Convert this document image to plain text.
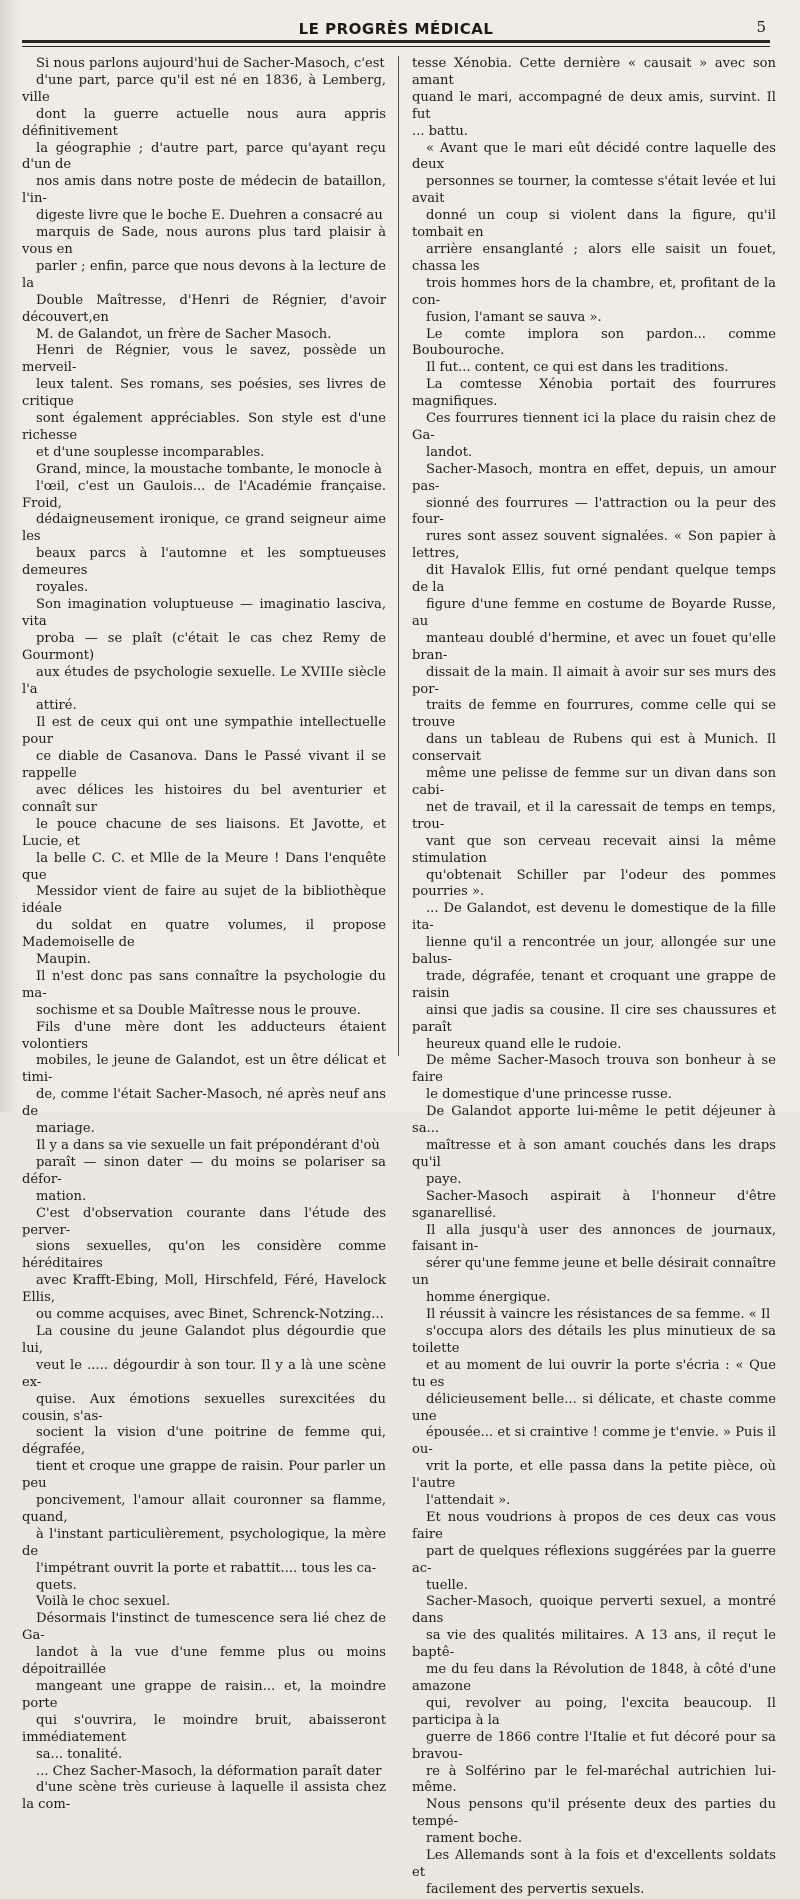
LE PROGRÈS MÉDICAL	5

Si nous parlons aujourd'hui de Sacher-Masoch, c'est
d'une part, parce qu'il est né en 1836, à Lemberg, ville
dont la guerre actuelle nous aura appris définitivement
la géographie ; d'autre part, parce qu'ayant reçu d'un de
nos amis dans notre poste de médecin de bataillon, l'in-
digeste livre que le boche E. Duehren a consacré au
marquis de Sade, nous aurons plus tard plaisir à vous en
parler ; enfin, parce que nous devons à la lecture de la
Double Maîtresse, d'Henri de Régnier, d'avoir découvert,en
M. de Galandot, un frère de Sacher Masoch.

Henri de Régnier, vous le savez, possède un merveil-
leux talent. Ses romans, ses poésies, ses livres de critique
sont également appréciables. Son style est d'une richesse
et d'une souplesse incomparables.

Grand, mince, la moustache tombante, le monocle à
l'œil, c'est un Gaulois... de l'Académie française. Froid,
dédaigneusement ironique, ce grand seigneur aime les
beaux parcs à l'automne et les somptueuses demeures
royales.

Son imagination voluptueuse — imaginatio lasciva, vita
proba — se plaît (c'était le cas chez Remy de Gourmont)
aux études de psychologie sexuelle. Le XVIIIe siècle l'a
attiré.

Il est de ceux qui ont une sympathie intellectuelle pour
ce diable de Casanova. Dans le Passé vivant il se rappelle
avec délices les histoires du bel aventurier et connaît sur
le pouce chacune de ses liaisons. Et Javotte, et Lucie, et
la belle C. C. et Mlle de la Meure ! Dans l'enquête que
Messidor vient de faire au sujet de la bibliothèque idéale
du soldat en quatre volumes, il propose Mademoiselle de
Maupin.

Il n'est donc pas sans connaître la psychologie du ma-
sochisme et sa Double Maîtresse nous le prouve.

Fils d'une mère dont les adducteurs étaient volontiers
mobiles, le jeune de Galandot, est un être délicat et timi-
de, comme l'était Sacher-Masoch, né après neuf ans de
mariage.

Il y a dans sa vie sexuelle un fait prépondérant d'où
paraît — sinon dater — du moins se polariser sa défor-
mation.

C'est d'observation courante dans l'étude des perver-
sions sexuelles, qu'on les considère comme héréditaires
avec Krafft-Ebing, Moll, Hirschfeld, Féré, Havelock Ellis,
ou comme acquises, avec Binet, Schrenck-Notzing...

La cousine du jeune Galandot plus dégourdie que lui,
veut le ..... dégourdir à son tour. Il y a là une scène ex-
quise. Aux émotions sexuelles surexcitées du cousin, s'as-
socient la vision d'une poitrine de femme qui, dégrafée,
tient et croque une grappe de raisin. Pour parler un peu
poncivement, l'amour allait couronner sa flamme, quand,
à l'instant particulièrement, psychologique, la mère de
l'impétrant ouvrit la porte et rabattit.... tous les ca-
quets.

Voilà le choc sexuel.

Désormais l'instinct de tumescence sera lié chez de Ga-
landot à la vue d'une femme plus ou moins dépoitraillée
mangeant une grappe de raisin... et, la moindre porte
qui s'ouvrira, le moindre bruit, abaisseront immédiatement
sa... tonalité.

... Chez Sacher-Masoch, la déformation paraît dater
d'une scène très curieuse à laquelle il assista chez la com-

tesse Xénobia. Cette dernière « causait » avec son amant
quand le mari, accompagné de deux amis, survint. Il fut
... battu.

« Avant que le mari eût décidé contre laquelle des deux
personnes se tourner, la comtesse s'était levée et lui avait
donné un coup si violent dans la figure, qu'il tombait en
arrière ensanglanté ; alors elle saisit un fouet, chassa les
trois hommes hors de la chambre, et, profitant de la con-
fusion, l'amant se sauva ».

Le comte implora son pardon... comme Boubouroche.
Il fut... content, ce qui est dans les traditions.

La comtesse Xénobia portait des fourrures magnifiques.

Ces fourrures tiennent ici la place du raisin chez de Ga-
landot.

Sacher-Masoch, montra en effet, depuis, un amour pas-
sionné des fourrures — l'attraction ou la peur des four-
rures sont assez souvent signalées. « Son papier à lettres,
dit Havalok Ellis, fut orné pendant quelque temps de la
figure d'une femme en costume de Boyarde Russe, au
manteau doublé d'hermine, et avec un fouet qu'elle bran-
dissait de la main. Il aimait à avoir sur ses murs des por-
traits de femme en fourrures, comme celle qui se trouve
dans un tableau de Rubens qui est à Munich. Il conservait
même une pelisse de femme sur un divan dans son cabi-
net de travail, et il la caressait de temps en temps, trou-
vant que son cerveau recevait ainsi la même stimulation
qu'obtenait Schiller par l'odeur des pommes pourries ».

... De Galandot, est devenu le domestique de la fille ita-
lienne qu'il a rencontrée un jour, allongée sur une balus-
trade, dégrafée, tenant et croquant une grappe de raisin
ainsi que jadis sa cousine. Il cire ses chaussures et paraît
heureux quand elle le rudoie.

De même Sacher-Masoch trouva son bonheur à se faire
le domestique d'une princesse russe.

De Galandot apporte lui-même le petit déjeuner à sa...
maîtresse et à son amant couchés dans les draps qu'il
paye.

Sacher-Masoch aspirait à l'honneur d'être sganarellisé.
Il alla jusqu'à user des annonces de journaux, faisant in-
sérer qu'une femme jeune et belle désirait connaître un
homme énergique.

Il réussit à vaincre les résistances de sa femme. « Il
s'occupa alors des détails les plus minutieux de sa toilette
et au moment de lui ouvrir la porte s'écria : « Que tu es
délicieusement belle... si délicate, et chaste comme une
épousée... et si craintive ! comme je t'envie. » Puis il ou-
vrit la porte, et elle passa dans la petite pièce, où l'autre
l'attendait ».

Et nous voudrions à propos de ces deux cas vous faire
part de quelques réflexions suggérées par la guerre ac-
tuelle.

Sacher-Masoch, quoique perverti sexuel, a montré dans
sa vie des qualités militaires. A 13 ans, il reçut le baptê-
me du feu dans la Révolution de 1848, à côté d'une amazone
qui, revolver au poing, l'excita beaucoup. Il participa à la
guerre de 1866 contre l'Italie et fut décoré pour sa bravou-
re à Solférino par le fel-maréchal autrichien lui-même.

Nous pensons qu'il présente deux des parties du tempé-
rament boche.

Les Allemands sont à la fois et d'excellents soldats et
facilement des pervertis sexuels.
